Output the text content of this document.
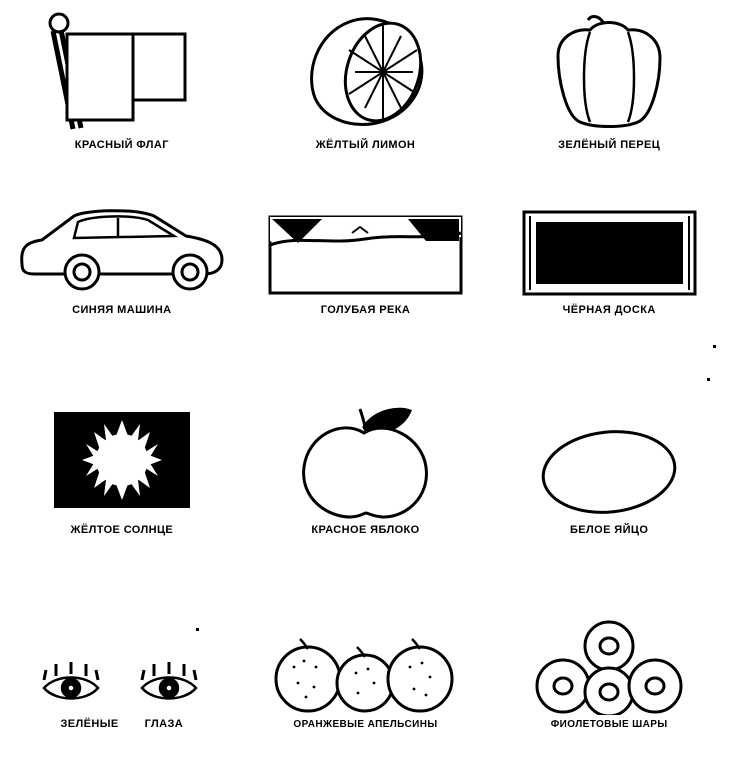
КРАСНЫЙ ФЛАГ	ЖЁЛТЫЙ ЛИМОН	ЗЕЛЁНЫЙ ПЕРЕЦ
СИНЯЯ МАШИНА	ГОЛУБАЯ РЕКА	ЧЁРНАЯ ДОСКА
ЖЁЛТОЕ СОЛНЦЕ	КРАСНОЕ ЯБЛОКО	БЕЛОЕ ЯЙЦО
ЗЕЛЁНЫЕ ГЛАЗА	ОРАНЖЕВЫЕ АПЕЛЬСИНЫ	ФИОЛЕТОВЫЕ ШАРЫ
